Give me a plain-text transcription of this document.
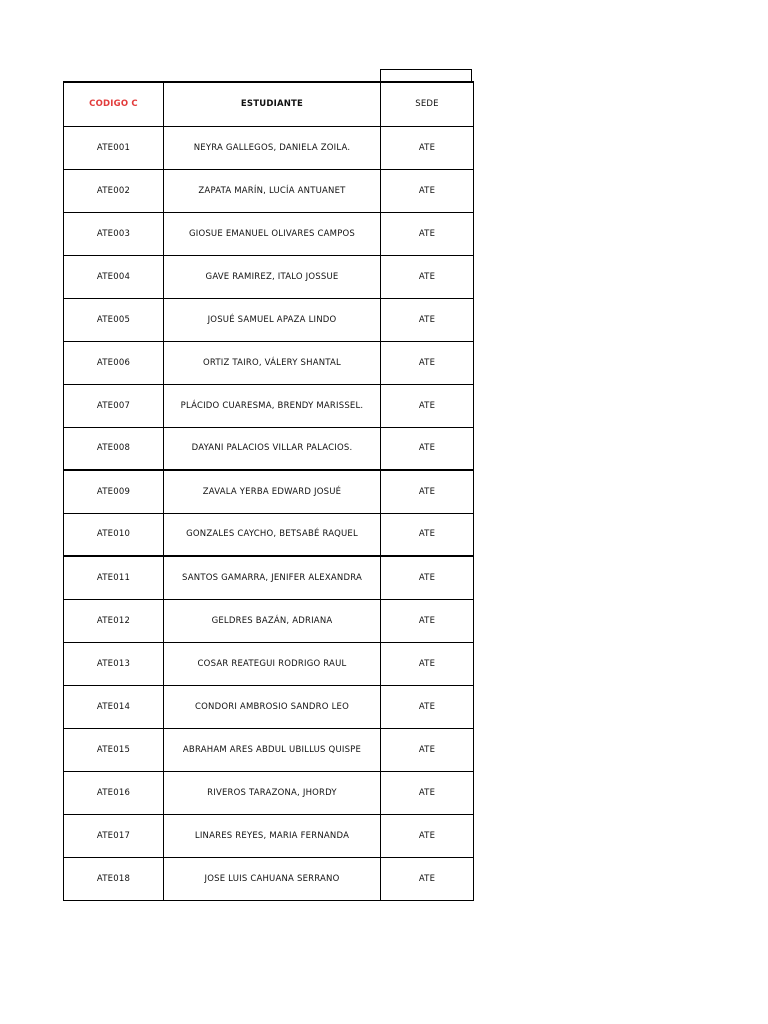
CODIGO C	ESTUDIANTE	SEDE
ATE001	NEYRA GALLEGOS, DANIELA ZOILA.	ATE
ATE002	ZAPATA MARÍN, LUCÍA ANTUANET	ATE
ATE003	GIOSUE EMANUEL OLIVARES CAMPOS	ATE
ATE004	GAVE RAMIREZ, ITALO JOSSUE	ATE
ATE005	JOSUÉ SAMUEL APAZA LINDO	ATE
ATE006	ORTIZ TAIRO, VÁLERY SHANTAL	ATE
ATE007	PLÁCIDO CUARESMA, BRENDY MARISSEL.	ATE
ATE008	DAYANI PALACIOS VILLAR PALACIOS.	ATE
ATE009	ZAVALA YERBA EDWARD JOSUÉ	ATE
ATE010	GONZALES CAYCHO, BETSABÉ RAQUEL	ATE
ATE011	SANTOS GAMARRA, JENIFER ALEXANDRA	ATE
ATE012	GELDRES BAZÁN, ADRIANA	ATE
ATE013	COSAR REATEGUI RODRIGO RAUL	ATE
ATE014	CONDORI AMBROSIO SANDRO LEO	ATE
ATE015	ABRAHAM ARES ABDUL UBILLUS QUISPE	ATE
ATE016	RIVEROS TARAZONA, JHORDY	ATE
ATE017	LINARES REYES, MARIA FERNANDA	ATE
ATE018	JOSE LUIS CAHUANA SERRANO	ATE
